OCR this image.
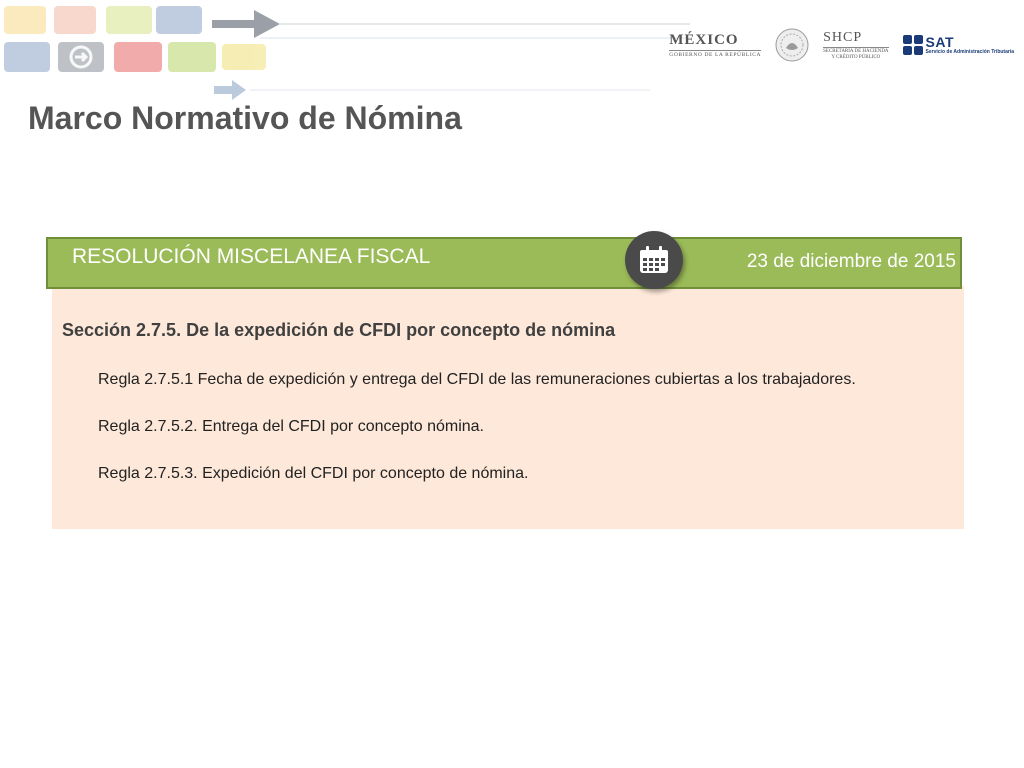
MÉXICO
GOBIERNO DE LA REPÚBLICA
SHCP
SECRETARÍA DE HACIENDA
Y CRÉDITO PÚBLICO
SAT
Servicio de Administración Tributaria
Marco Normativo de Nómina
RESOLUCIÓN MISCELANEA FISCAL	23 de diciembre de 2015
Sección 2.7.5. De la expedición de CFDI por concepto de nómina
Regla 2.7.5.1 Fecha de expedición y entrega del CFDI de las remuneraciones cubiertas a los trabajadores.
Regla 2.7.5.2. Entrega del CFDI por concepto nómina.
Regla 2.7.5.3. Expedición del CFDI por concepto de nómina.
